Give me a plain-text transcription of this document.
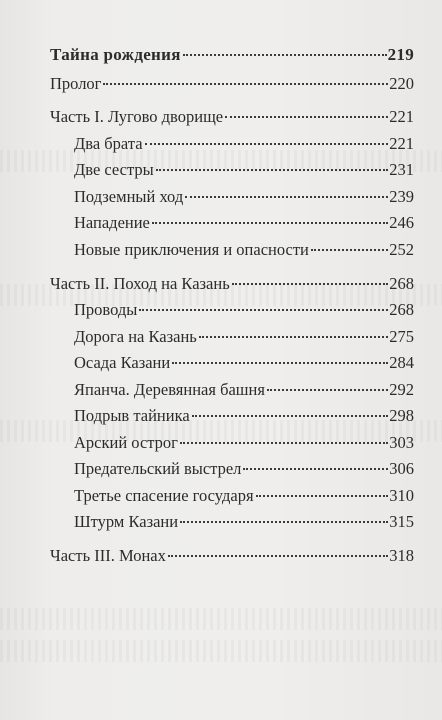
Тайна рождения	219
Пролог	220
Часть I. Лугово дворище	221
Два брата	221
Две сестры	231
Подземный ход	239
Нападение	246
Новые приключения и опасности	252
Часть II. Поход на Казань	268
Проводы	268
Дорога на Казань	275
Осада Казани	284
Япанча. Деревянная башня	292
Подрыв тайника	298
Арский острог	303
Предательский выстрел	306
Третье спасение государя	310
Штурм Казани	315
Часть III. Монах	318
